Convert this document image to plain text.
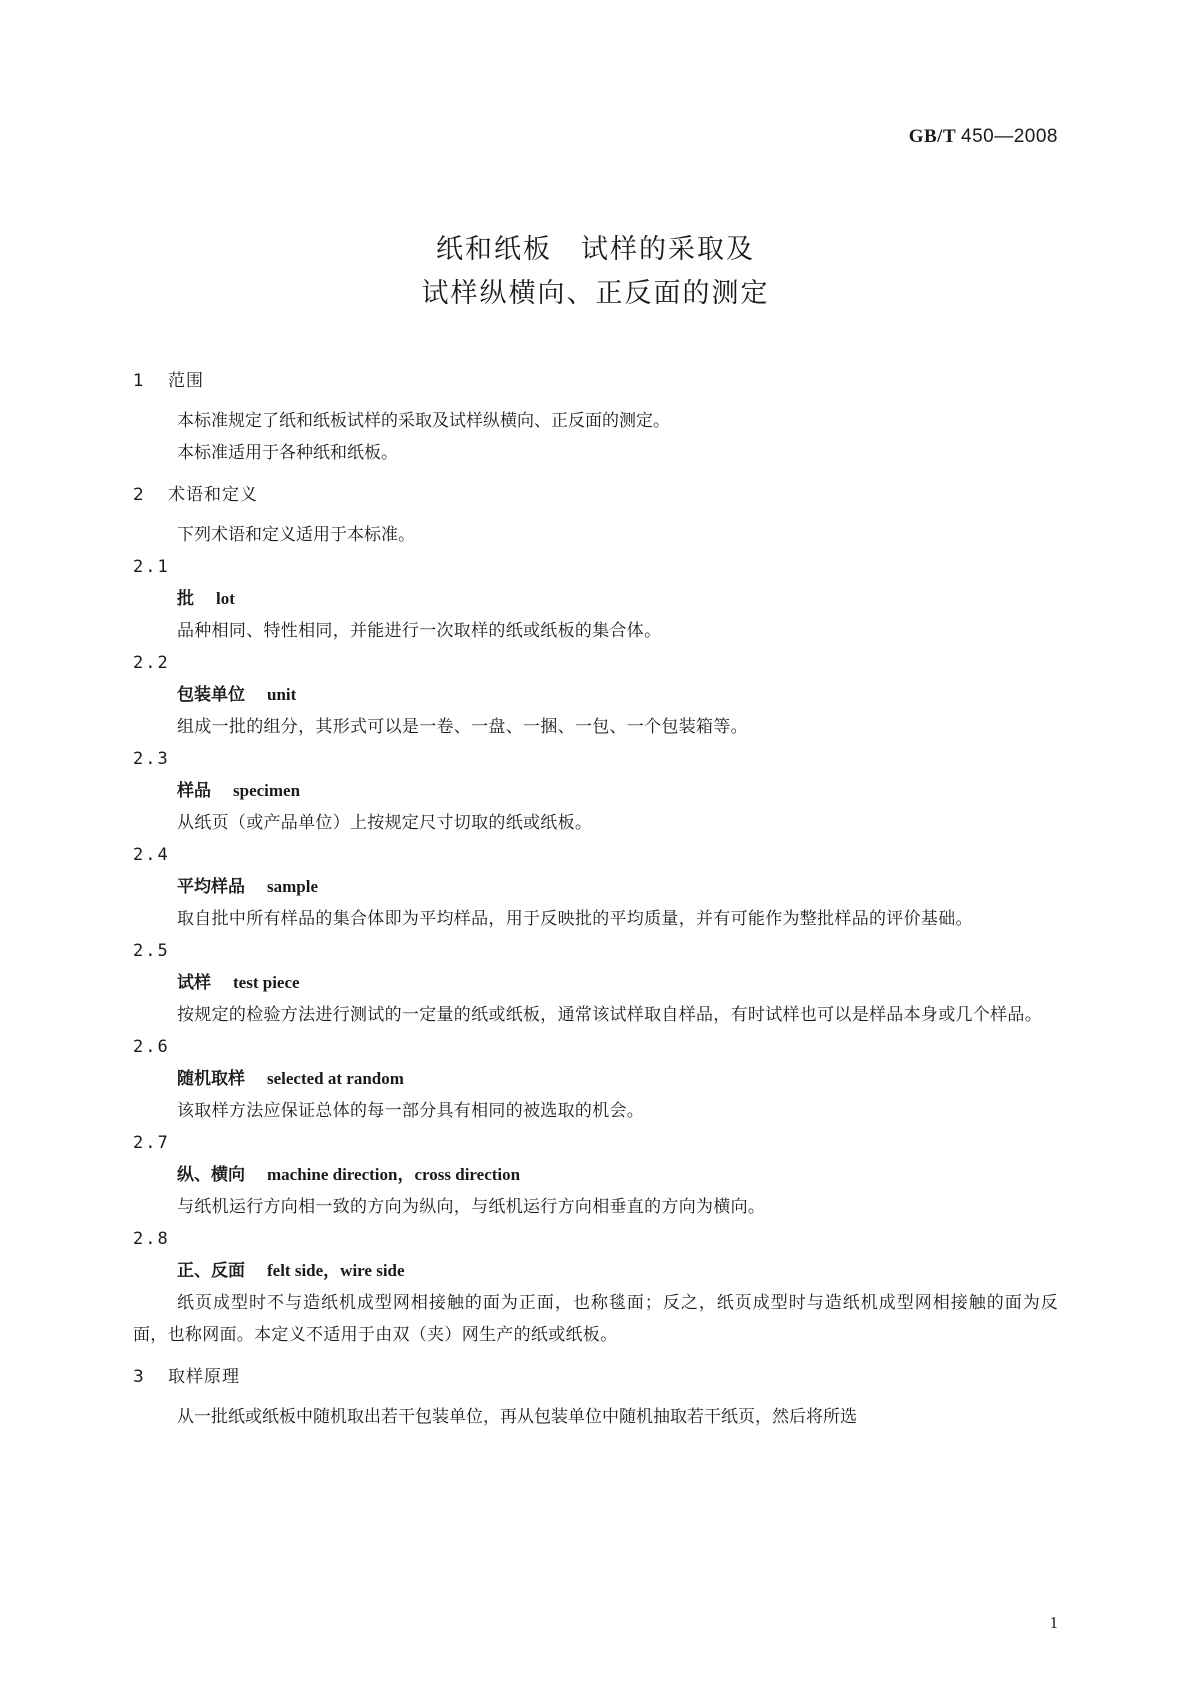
GB/T 450—2008
纸和纸板　试样的采取及
试样纵横向、正反面的测定
1 范围
本标准规定了纸和纸板试样的采取及试样纵横向、正反面的测定。
本标准适用于各种纸和纸板。
2 术语和定义
下列术语和定义适用于本标准。
2.1
批 lot
品种相同、特性相同，并能进行一次取样的纸或纸板的集合体。
2.2
包装单位 unit
组成一批的组分，其形式可以是一卷、一盘、一捆、一包、一个包装箱等。
2.3
样品 specimen
从纸页（或产品单位）上按规定尺寸切取的纸或纸板。
2.4
平均样品 sample
取自批中所有样品的集合体即为平均样品，用于反映批的平均质量，并有可能作为整批样品的评价基础。
2.5
试样 test piece
按规定的检验方法进行测试的一定量的纸或纸板，通常该试样取自样品，有时试样也可以是样品本身或几个样品。
2.6
随机取样 selected at random
该取样方法应保证总体的每一部分具有相同的被选取的机会。
2.7
纵、横向 machine direction，cross direction
与纸机运行方向相一致的方向为纵向，与纸机运行方向相垂直的方向为横向。
2.8
正、反面 felt side，wire side
纸页成型时不与造纸机成型网相接触的面为正面，也称毯面；反之，纸页成型时与造纸机成型网相接触的面为反面，也称网面。本定义不适用于由双（夹）网生产的纸或纸板。
3 取样原理
从一批纸或纸板中随机取出若干包装单位，再从包装单位中随机抽取若干纸页，然后将所选
1
